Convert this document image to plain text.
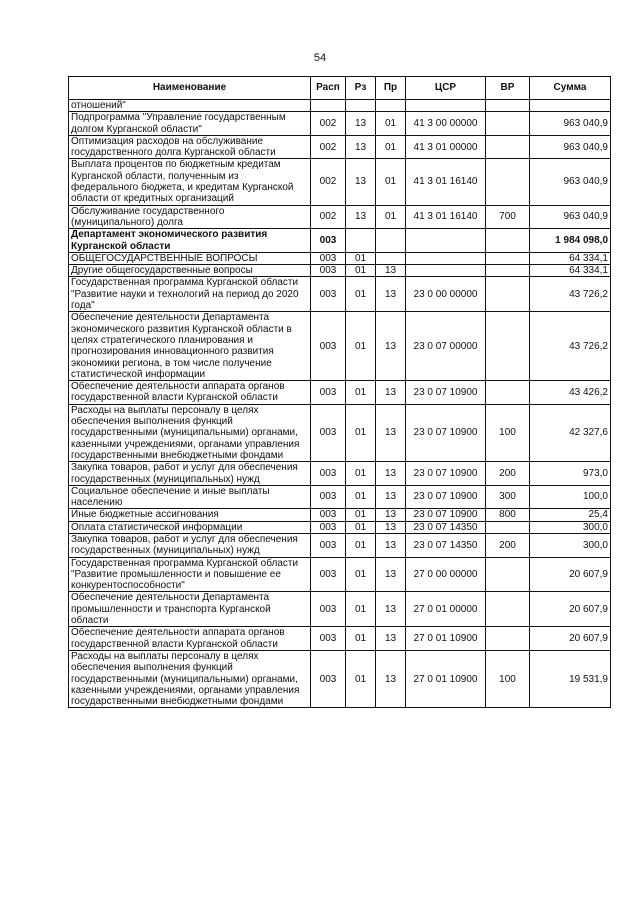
54
Наименование	Расп	Рз	Пр	ЦСР	ВР	Сумма
отношений"						
Подпрограмма "Управление государственным долгом Курганской области"	002	13	01	41 3 00 00000		963 040,9
Оптимизация расходов на обслуживание государственного долга Курганской области	002	13	01	41 3 01 00000		963 040,9
Выплата процентов по бюджетным кредитам Курганской области, полученным из федерального бюджета, и кредитам Курганской области от кредитных организаций	002	13	01	41 3 01 16140		963 040,9
Обслуживание государственного (муниципального) долга	002	13	01	41 3 01 16140	700	963 040,9
Департамент экономического развития Курганской области	003					1 984 098,0
ОБЩЕГОСУДАРСТВЕННЫЕ ВОПРОСЫ	003	01				64 334,1
Другие общегосударственные вопросы	003	01	13			64 334,1
Государственная программа Курганской области "Развитие науки и технологий на период до 2020 года"	003	01	13	23 0 00 00000		43 726,2
Обеспечение деятельности Департамента экономического развития Курганской области в целях стратегического планирования и прогнозирования инновационного развития экономики региона, в том числе получение статистической информации	003	01	13	23 0 07 00000		43 726,2
Обеспечение деятельности аппарата органов государственной власти Курганской области	003	01	13	23 0 07 10900		43 426,2
Расходы на выплаты персоналу в целях обеспечения выполнения функций государственными (муниципальными) органами, казенными учреждениями, органами управления государственными внебюджетными фондами	003	01	13	23 0 07 10900	100	42 327,6
Закупка товаров, работ и услуг для обеспечения государственных (муниципальных) нужд	003	01	13	23 0 07 10900	200	973,0
Социальное обеспечение и иные выплаты населению	003	01	13	23 0 07 10900	300	100,0
Иные бюджетные ассигнования	003	01	13	23 0 07 10900	800	25,4
Оплата статистической информации	003	01	13	23 0 07 14350		300,0
Закупка товаров, работ и услуг для обеспечения государственных (муниципальных) нужд	003	01	13	23 0 07 14350	200	300,0
Государственная программа Курганской области "Развитие промышленности и повышение ее конкурентоспособности"	003	01	13	27 0 00 00000		20 607,9
Обеспечение деятельности Департамента промышленности и транспорта Курганской области	003	01	13	27 0 01 00000		20 607,9
Обеспечение деятельности аппарата органов государственной власти Курганской области	003	01	13	27 0 01 10900		20 607,9
Расходы на выплаты персоналу в целях обеспечения выполнения функций государственными (муниципальными) органами, казенными учреждениями, органами управления государственными внебюджетными фондами	003	01	13	27 0 01 10900	100	19 531,9
